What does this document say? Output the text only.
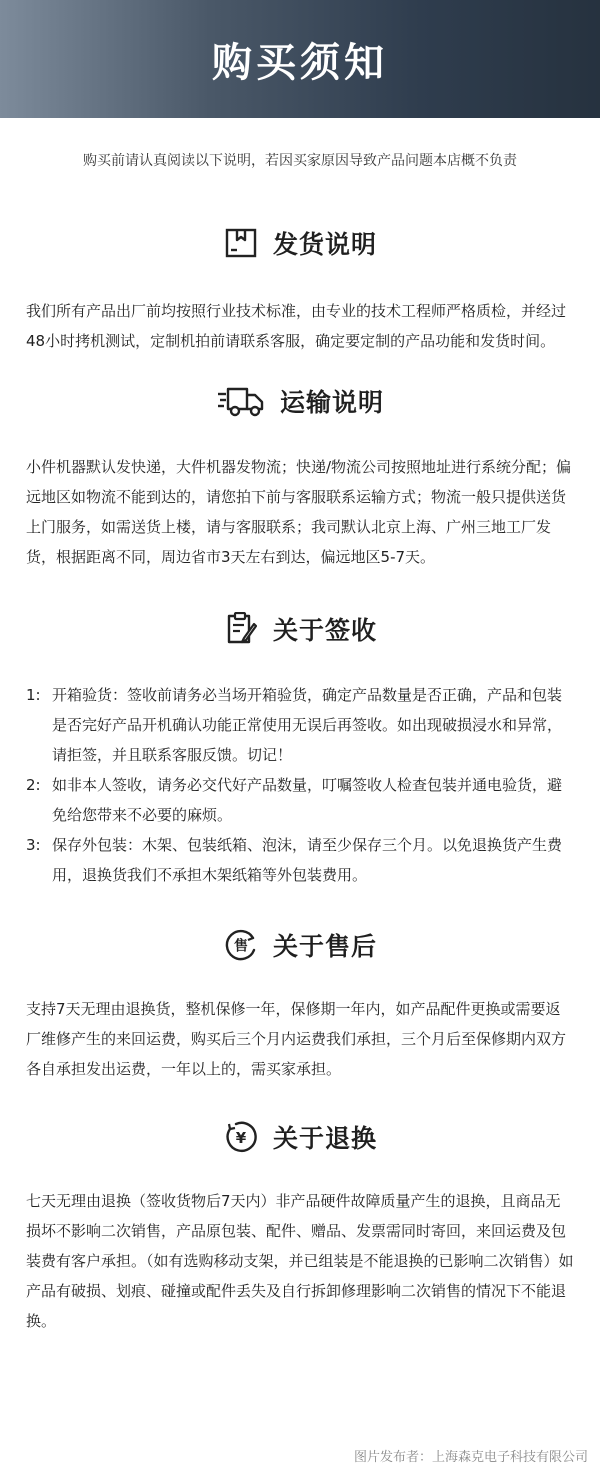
购买须知
购买前请认真阅读以下说明，若因买家原因导致产品问题本店概不负责
发货说明

我们所有产品出厂前均按照行业技术标准，由专业的技术工程师严格质检，并经过48小时拷机测试，定制机拍前请联系客服，确定要定制的产品功能和发货时间。

运输说明

小件机器默认发快递，大件机器发物流；快递/物流公司按照地址进行系统分配；偏远地区如物流不能到达的，请您拍下前与客服联系运输方式；物流一般只提供送货上门服务，如需送货上楼，请与客服联系；我司默认北京上海、广州三地工厂发货，根据距离不同，周边省市3天左右到达，偏远地区5-7天。

关于签收
1: 开箱验货：签收前请务必当场开箱验货，确定产品数量是否正确，产品和包装是否完好产品开机确认功能正常使用无误后再签收。如出现破损浸水和异常，请拒签，并且联系客服反馈。切记！
2: 如非本人签收，请务必交代好产品数量，叮嘱签收人检查包装并通电验货，避免给您带来不必要的麻烦。
3: 保存外包装：木架、包装纸箱、泡沫，请至少保存三个月。以免退换货产生费用，退换货我们不承担木架纸箱等外包装费用。
售 关于售后

支持7天无理由退换货，整机保修一年，保修期一年内，如产品配件更换或需要返厂维修产生的来回运费，购买后三个月内运费我们承担，三个月后至保修期内双方各自承担发出运费，一年以上的，需买家承担。

¥ 关于退换

七天无理由退换（签收货物后7天内）非产品硬件故障质量产生的退换，且商品无损坏不影响二次销售，产品原包装、配件、赠品、发票需同时寄回，来回运费及包装费有客户承担。（如有选购移动支架，并已组装是不能退换的已影响二次销售）如产品有破损、划痕、碰撞或配件丢失及自行拆卸修理影响二次销售的情况下不能退换。

图片发布者：上海森克电子科技有限公司
